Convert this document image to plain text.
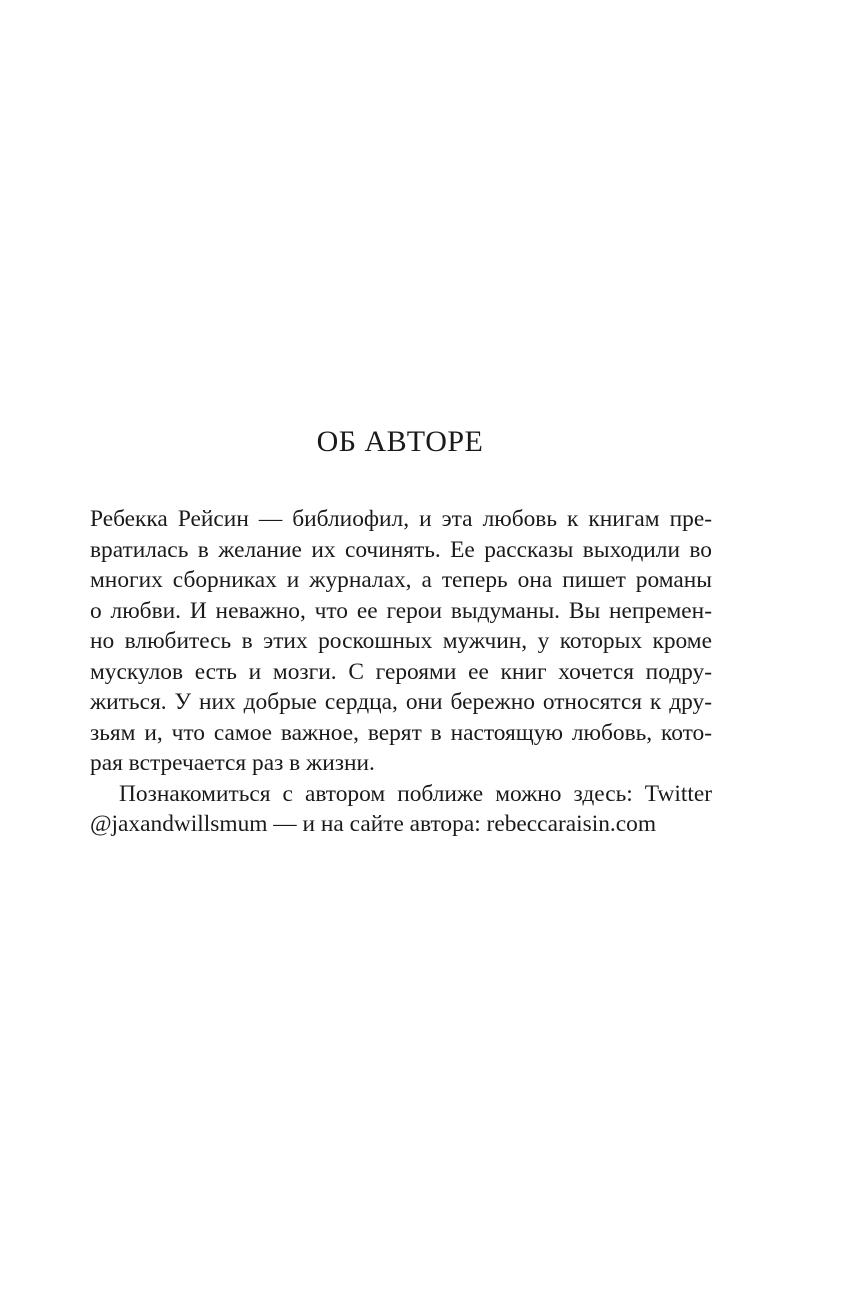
ОБ АВТОРЕ
Ребекка Рейсин — библиофил, и эта любовь к книгам пре-
вратилась в желание их сочинять. Ее рассказы выходили во
многих сборниках и журналах, а теперь она пишет романы
о любви. И неважно, что ее герои выдуманы. Вы непремен-
но влюбитесь в этих роскошных мужчин, у которых кроме
мускулов есть и мозги. С героями ее книг хочется подру-
житься. У них добрые сердца, они бережно относятся к дру-
зьям и, что самое важное, верят в настоящую любовь, кото-
рая встречается раз в жизни.
Познакомиться с автором поближе можно здесь: Twitter
@jaxandwillsmum — и на сайте автора: rebeccaraisin.com
